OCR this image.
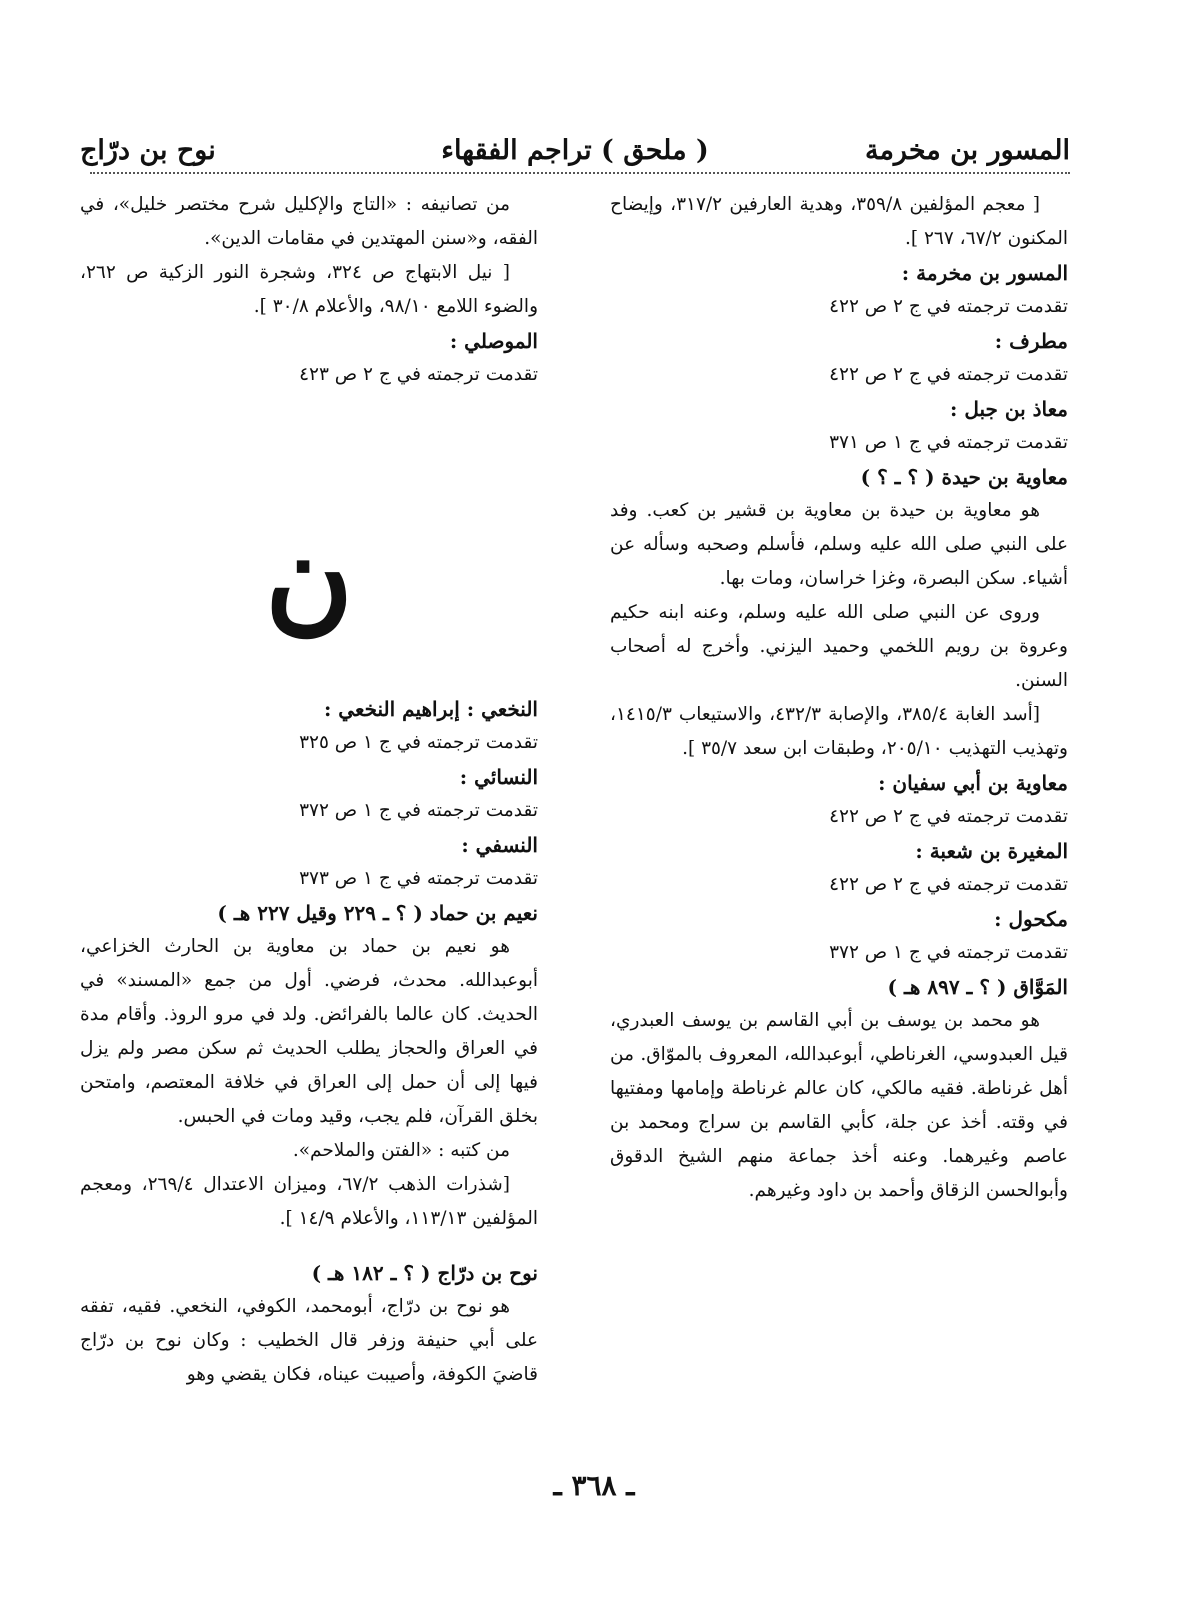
المسور بن مخرمة
( ملحق ) تراجم الفقهاء
نوح بن درّاج

[ معجم المؤلفين ٣٥٩/٨، وهدية العارفين ٣١٧/٢، وإيضاح المكنون ٦٧/٢، ٢٦٧ ].

المسور بن مخرمة :

تقدمت ترجمته في ج ٢ ص ٤٢٢

مطرف :

تقدمت ترجمته في ج ٢ ص ٤٢٢

معاذ بن جبل :

تقدمت ترجمته في ج ١ ص ٣٧١

معاوية بن حيدة ( ؟ ـ ؟ )

هو معاوية بن حيدة بن معاوية بن قشير بن كعب. وفد على النبي صلى الله عليه وسلم، فأسلم وصحبه وسأله عن أشياء. سكن البصرة، وغزا خراسان، ومات بها.

وروى عن النبي صلى الله عليه وسلم، وعنه ابنه حكيم وعروة بن رويم اللخمي وحميد اليزني. وأخرج له أصحاب السنن.

[أسد الغابة ٣٨٥/٤، والإصابة ٤٣٢/٣، والاستيعاب ١٤١٥/٣، وتهذيب التهذيب ٢٠٥/١٠، وطبقات ابن سعد ٣٥/٧ ].

معاوية بن أبي سفيان :

تقدمت ترجمته في ج ٢ ص ٤٢٢

المغيرة بن شعبة :

تقدمت ترجمته في ج ٢ ص ٤٢٢

مكحول :

تقدمت ترجمته في ج ١ ص ٣٧٢

المَوَّاق ( ؟ ـ ٨٩٧ هـ )

هو محمد بن يوسف بن أبي القاسم بن يوسف العبدري، قيل العبدوسي، الغرناطي، أبوعبدالله، المعروف بالموّاق. من أهل غرناطة. فقيه مالكي، كان عالم غرناطة وإمامها ومفتيها في وقته. أخذ عن جلة، كأبي القاسم بن سراج ومحمد بن عاصم وغيرهما. وعنه أخذ جماعة منهم الشيخ الدقوق وأبوالحسن الزقاق وأحمد بن داود وغيرهم.

من تصانيفه : «التاج والإكليل شرح مختصر خليل»، في الفقه، و«سنن المهتدين في مقامات الدين».

[ نيل الابتهاج ص ٣٢٤، وشجرة النور الزكية ص ٢٦٢، والضوء اللامع ٩٨/١٠، والأعلام ٣٠/٨ ].

الموصلي :

تقدمت ترجمته في ج ٢ ص ٤٢٣

ن

النخعي : إبراهيم النخعي :

تقدمت ترجمته في ج ١ ص ٣٢٥

النسائي :

تقدمت ترجمته في ج ١ ص ٣٧٢

النسفي :

تقدمت ترجمته في ج ١ ص ٣٧٣

نعيم بن حماد ( ؟ ـ ٢٢٩ وقيل ٢٢٧ هـ )

هو نعيم بن حماد بن معاوية بن الحارث الخزاعي، أبوعبدالله. محدث، فرضي. أول من جمع «المسند» في الحديث. كان عالما بالفرائض. ولد في مرو الروذ. وأقام مدة في العراق والحجاز يطلب الحديث ثم سكن مصر ولم يزل فيها إلى أن حمل إلى العراق في خلافة المعتصم، وامتحن بخلق القرآن، فلم يجب، وقيد ومات في الحبس.

من كتبه : «الفتن والملاحم».

[شذرات الذهب ٦٧/٢، وميزان الاعتدال ٢٦٩/٤، ومعجم المؤلفين ١١٣/١٣، والأعلام ١٤/٩ ].

نوح بن درّاج ( ؟ ـ ١٨٢ هـ )

هو نوح بن درّاج، أبومحمد، الكوفي، النخعي. فقيه، تفقه على أبي حنيفة وزفر قال الخطيب : وكان نوح بن درّاج قاضيَ الكوفة، وأصيبت عيناه، فكان يقضي وهو

ـ ٣٦٨ ـ
